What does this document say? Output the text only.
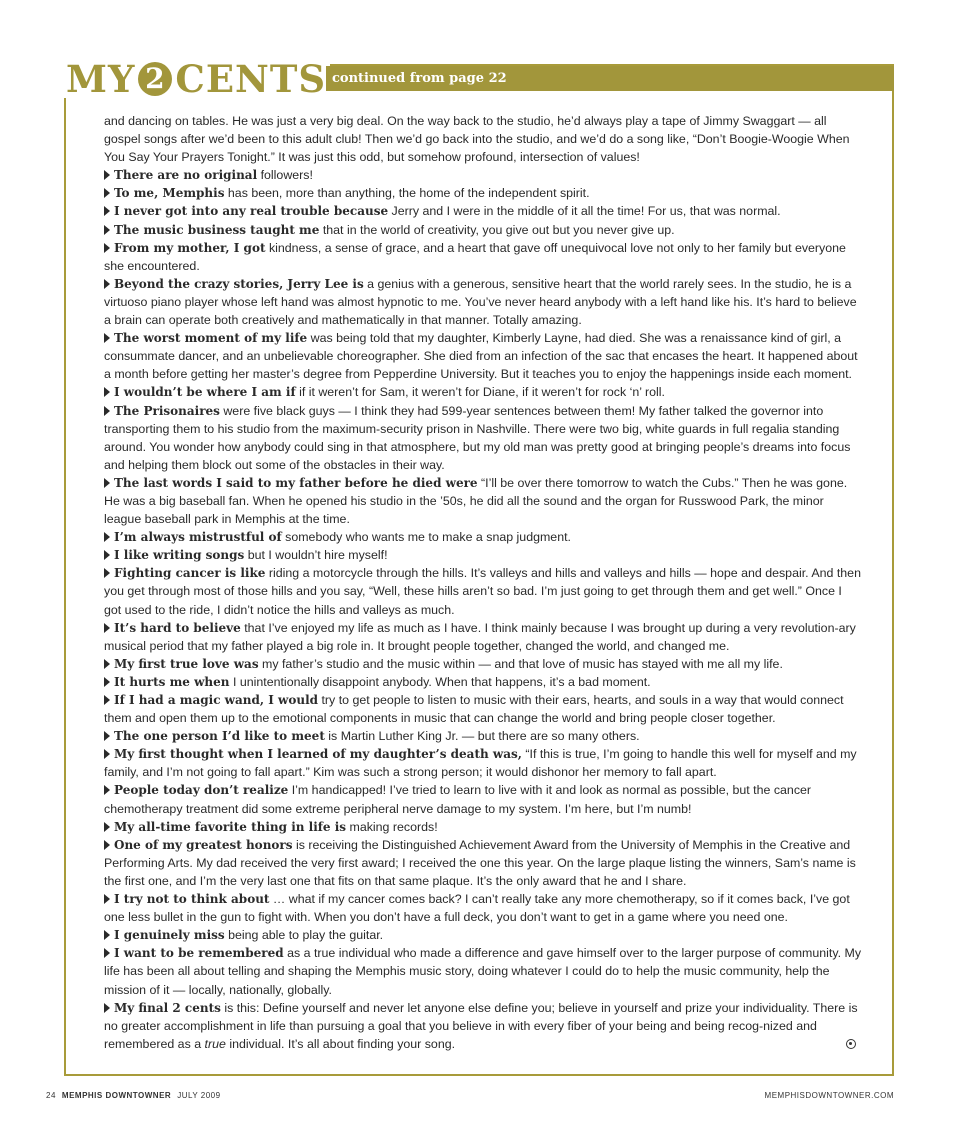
MY 2 CENTS continued from page 22

and dancing on tables. He was just a very big deal. On the way back to the studio, he’d always play a tape of Jimmy Swaggart — all gospel songs after we’d been to this adult club! Then we’d go back into the studio, and we’d do a song like, “Don’t Boogie-Woogie When You Say Your Prayers Tonight.” It was just this odd, but somehow profound, intersection of values!

There are no original followers!

To me, Memphis has been, more than anything, the home of the independent spirit.

I never got into any real trouble because Jerry and I were in the middle of it all the time! For us, that was normal.

The music business taught me that in the world of creativity, you give out but you never give up.

From my mother, I got kindness, a sense of grace, and a heart that gave off unequivocal love not only to her family but everyone she encountered.

Beyond the crazy stories, Jerry Lee is a genius with a generous, sensitive heart that the world rarely sees. In the studio, he is a virtuoso piano player whose left hand was almost hypnotic to me. You’ve never heard anybody with a left hand like his. It’s hard to believe a brain can operate both creatively and mathematically in that manner. Totally amazing.

The worst moment of my life was being told that my daughter, Kimberly Layne, had died. She was a renaissance kind of girl, a consummate dancer, and an unbelievable choreographer. She died from an infection of the sac that encases the heart. It happened about a month before getting her master’s degree from Pepperdine University. But it teaches you to enjoy the happenings inside each moment.

I wouldn’t be where I am if if it weren’t for Sam, it weren’t for Diane, if it weren’t for rock ‘n’ roll.

The Prisonaires were five black guys — I think they had 599-year sentences between them! My father talked the governor into transporting them to his studio from the maximum-security prison in Nashville. There were two big, white guards in full regalia standing around. You wonder how anybody could sing in that atmosphere, but my old man was pretty good at bringing people’s dreams into focus and helping them block out some of the obstacles in their way.

The last words I said to my father before he died were “I’ll be over there tomorrow to watch the Cubs.” Then he was gone. He was a big baseball fan. When he opened his studio in the ’50s, he did all the sound and the organ for Russwood Park, the minor league baseball park in Memphis at the time.

I’m always mistrustful of somebody who wants me to make a snap judgment.

I like writing songs but I wouldn’t hire myself!

Fighting cancer is like riding a motorcycle through the hills. It’s valleys and hills and valleys and hills — hope and despair. And then you get through most of those hills and you say, “Well, these hills aren’t so bad. I’m just going to get through them and get well.” Once I got used to the ride, I didn’t notice the hills and valleys as much.

It’s hard to believe that I’ve enjoyed my life as much as I have. I think mainly because I was brought up during a very revolution-ary musical period that my father played a big role in. It brought people together, changed the world, and changed me.

My first true love was my father’s studio and the music within — and that love of music has stayed with me all my life.

It hurts me when I unintentionally disappoint anybody. When that happens, it’s a bad moment.

If I had a magic wand, I would try to get people to listen to music with their ears, hearts, and souls in a way that would connect them and open them up to the emotional components in music that can change the world and bring people closer together.

The one person I’d like to meet is Martin Luther King Jr. — but there are so many others.

My first thought when I learned of my daughter’s death was, “If this is true, I’m going to handle this well for myself and my family, and I’m not going to fall apart.” Kim was such a strong person; it would dishonor her memory to fall apart.

People today don’t realize I’m handicapped! I’ve tried to learn to live with it and look as normal as possible, but the cancer chemotherapy treatment did some extreme peripheral nerve damage to my system. I’m here, but I’m numb!

My all-time favorite thing in life is making records!

One of my greatest honors is receiving the Distinguished Achievement Award from the University of Memphis in the Creative and Performing Arts. My dad received the very first award; I received the one this year. On the large plaque listing the winners, Sam’s name is the first one, and I’m the very last one that fits on that same plaque. It’s the only award that he and I share.

I try not to think about … what if my cancer comes back? I can’t really take any more chemotherapy, so if it comes back, I’ve got one less bullet in the gun to fight with. When you don’t have a full deck, you don’t want to get in a game where you need one.

I genuinely miss being able to play the guitar.

I want to be remembered as a true individual who made a difference and gave himself over to the larger purpose of community. My life has been all about telling and shaping the Memphis music story, doing whatever I could do to help the music community, help the mission of it — locally, nationally, globally.

My final 2 cents is this: Define yourself and never let anyone else define you; believe in yourself and prize your individuality. There is no greater accomplishment in life than pursuing a goal that you believe in with every fiber of your being and being recog-nized and remembered as a true individual. It’s all about finding your song.

24 MEMPHIS DOWNTOWNER JULY 2009	MEMPHISDOWNTOWNER.COM
